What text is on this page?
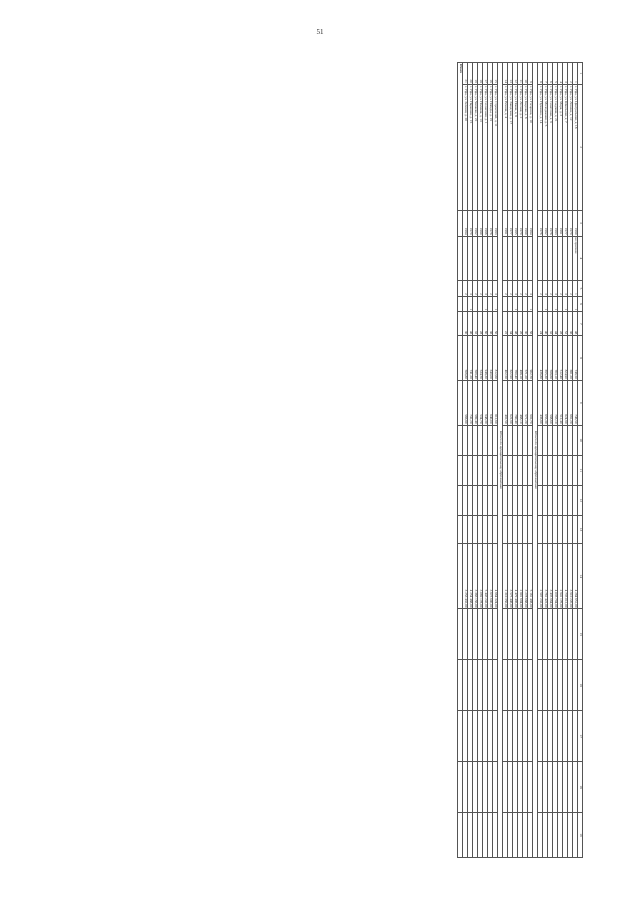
51
1	2	3	4	5	6	7	8	9	10	11	12	13	14	15	16	17	18	19
1	г. Уфа, ул. Центральная, д. 18	1980	не признан	1	1	48	746,50	746,50					4 284 651,00					
2	г. Уфа, ул. Ленина, д. 12	1979		2		36	681,20	681,20					3 910 220,00					
3	г. Уфа, ул. Школьная, д. 7	1977		3	1	52	824,90	824,90					4 735 012,00					
4	г. Уфа, ул. Мира, д. 3	1981		2		28	512,40	512,40					2 941 176,00					
5	г. Уфа, ул. Садовая, д. 21	1983		3	1	44	703,10	703,10					4 035 794,00					
6	г. Уфа, ул. Советская, д. 9	1978		2		32	598,60	598,60					3 435 964,00					
7	г. Уфа, ул. Молодежная, д. 5	1982		3	1	40	655,30	655,30					3 761 422,00					
8	г. Уфа, ул. Пушкина, д. 14	1976		2		24	436,80	436,80					2 507 232,00					
Итого по муниципальному образованию																		
9	г. Уфа, ул. Гагарина, д. 10	1984		3	1	56	902,70	902,70					5 181 498,00					
10	г. Уфа, ул. Кирова, д. 6	1980		2		30	571,20	571,20					3 278 688,00					
11	г. Уфа, ул. Лесная, д. 2	1979		2		26	488,10	488,10					2 801 694,00					
12	г. Уфа, ул. Новая, д. 8	1985		3	1	48	780,40	780,40					4 479 496,00					
13	г. Уфа, ул. Заводская, д. 17	1977		2		34	622,90	622,90					3 575 446,00					
14	г. Уфа, ул. Речная, д. 4	1981		2		22	402,50	402,50					2 310 350,00					
Итого по муниципальному образованию																		
15	г. Уфа, ул. Строителей, д. 11	1983		3	1	50	812,60	812,60					4 664 324,00					
16	г. Уфа, ул. Победы, д. 19	1978		2		36	640,00	640,00					3 673 600,00					
17	г. Уфа, ул. Солнечная, д. 1	1986		3	1	60	948,30	948,30					5 443 242,00					
18	г. Уфа, ул. Полевая, д. 13	1980		2		28	534,70	534,70					3 069 178,00					
19	г. Уфа, ул. Чапаева, д. 22	1982		2		32	589,40	589,40					3 383 156,00					
20	г. Уфа, ул. Парковая, д. 15	1979		3	1	46	741,20	741,20					4 254 488,00					
21	г. Уфа, ул. Зеленая, д. 20	1984		2		30	566,80	566,80					3 253 432,00					
Итого																		
